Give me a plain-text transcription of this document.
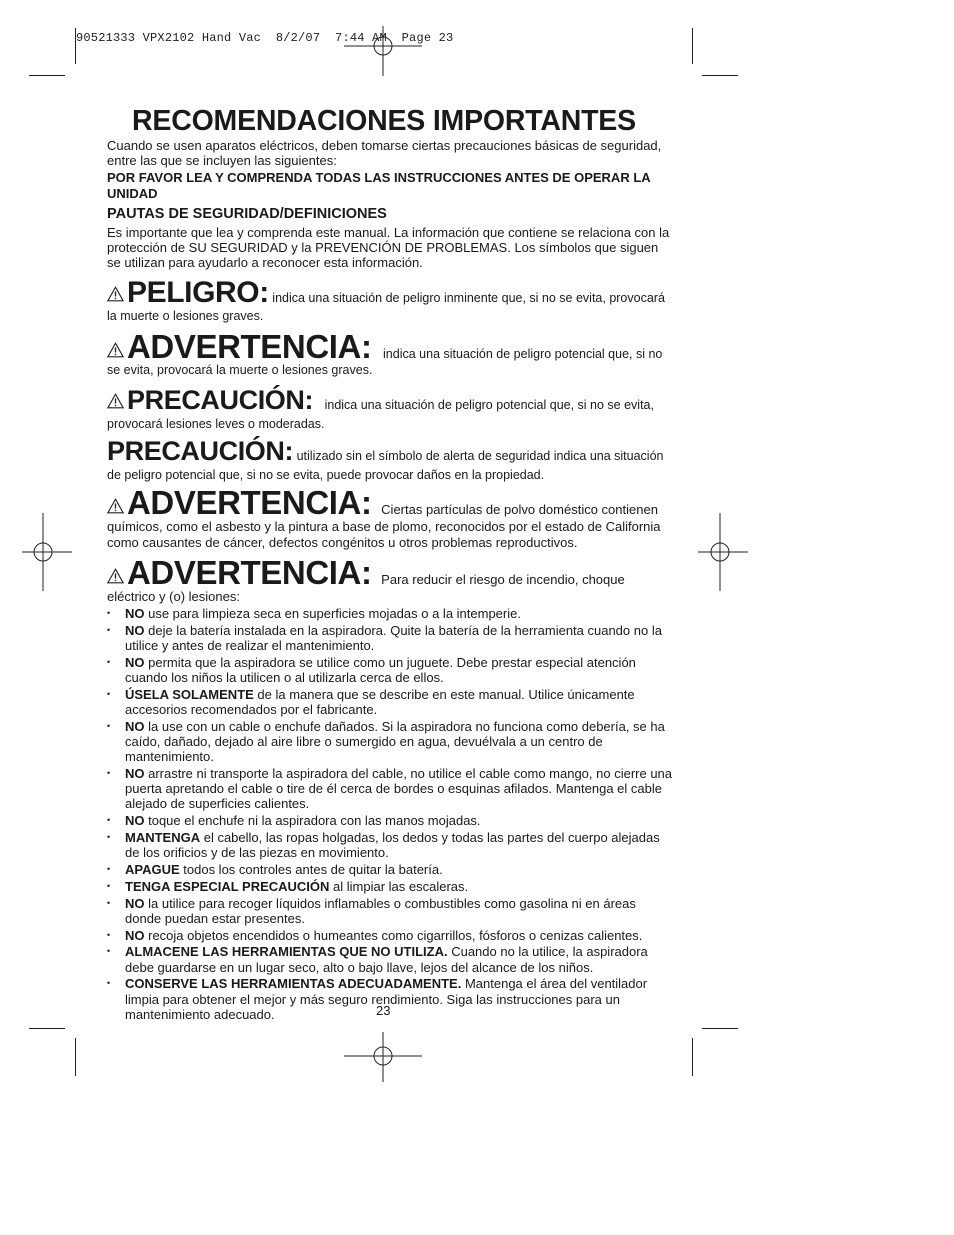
90521333 VPX2102 Hand Vac  8/2/07  7:44 AM  Page 23
RECOMENDACIONES IMPORTANTES

Cuando se usen aparatos eléctricos, deben tomarse ciertas precauciones básicas de seguridad, entre las que se incluyen las siguientes:

POR FAVOR LEA Y COMPRENDA TODAS LAS INSTRUCCIONES ANTES DE OPERAR LA UNIDAD

PAUTAS DE SEGURIDAD/DEFINICIONES

Es importante que lea y comprenda este manual. La información que contiene se relaciona con la protección de SU SEGURIDAD y la PREVENCIÓN DE PROBLEMAS. Los símbolos que siguen se utilizan para ayudarlo a reconocer esta información.

PELIGRO: indica una situación de peligro inminente que, si no se evita, provocará la muerte o lesiones graves.

ADVERTENCIA: indica una situación de peligro potencial que, si no se evita, provocará la muerte o lesiones graves.

PRECAUCIÓN: indica una situación de peligro potencial que, si no se evita, provocará lesiones leves o moderadas.

PRECAUCIÓN: utilizado sin el símbolo de alerta de seguridad indica una situación de peligro potencial que, si no se evita, puede provocar daños en la propiedad.

ADVERTENCIA: Ciertas partículas de polvo doméstico contienen químicos, como el asbesto y la pintura a base de plomo, reconocidos por el estado de California como causantes de cáncer, defectos congénitos u otros problemas reproductivos.

ADVERTENCIA: Para reducir el riesgo de incendio, choque eléctrico y (o) lesiones:

• NO use para limpieza seca en superficies mojadas o a la intemperie.
• NO deje la batería instalada en la aspiradora. Quite la batería de la herramienta cuando no la utilice y antes de realizar el mantenimiento.
• NO permita que la aspiradora se utilice como un juguete. Debe prestar especial atención cuando los niños la utilicen o al utilizarla cerca de ellos.
• ÚSELA SOLAMENTE de la manera que se describe en este manual. Utilice únicamente accesorios recomendados por el fabricante.
• NO la use con un cable o enchufe dañados. Si la aspiradora no funciona como debería, se ha caído, dañado, dejado al aire libre o sumergido en agua, devuélvala a un centro de mantenimiento.
• NO arrastre ni transporte la aspiradora del cable, no utilice el cable como mango, no cierre una puerta apretando el cable o tire de él cerca de bordes o esquinas afilados. Mantenga el cable alejado de superficies calientes.
• NO toque el enchufe ni la aspiradora con las manos mojadas.
• MANTENGA el cabello, las ropas holgadas, los dedos y todas las partes del cuerpo alejadas de los orificios y de las piezas en movimiento.
• APAGUE todos los controles antes de quitar la batería.
• TENGA ESPECIAL PRECAUCIÓN al limpiar las escaleras.
• NO la utilice para recoger líquidos inflamables o combustibles como gasolina ni en áreas donde puedan estar presentes.
• NO recoja objetos encendidos o humeantes como cigarrillos, fósforos o cenizas calientes.
• ALMACENE LAS HERRAMIENTAS QUE NO UTILIZA. Cuando no la utilice, la aspiradora debe guardarse en un lugar seco, alto o bajo llave, lejos del alcance de los niños.
• CONSERVE LAS HERRAMIENTAS ADECUADAMENTE. Mantenga el área del ventilador limpia para obtener el mejor y más seguro rendimiento. Siga las instrucciones para un mantenimiento adecuado.	23
